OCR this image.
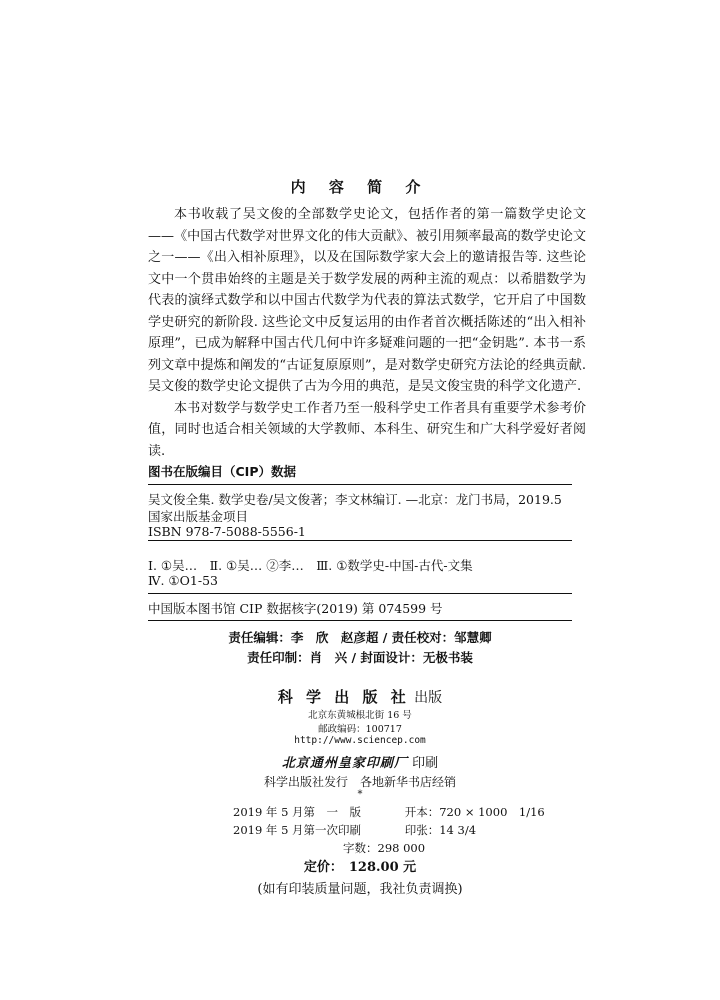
内 容 简 介

本书收载了吴文俊的全部数学史论文，包括作者的第一篇数学史论文——《中国古代数学对世界文化的伟大贡献》、被引用频率最高的数学史论文之一——《出入相补原理》，以及在国际数学家大会上的邀请报告等. 这些论文中一个贯串始终的主题是关于数学发展的两种主流的观点：以希腊数学为代表的演绎式数学和以中国古代数学为代表的算法式数学，它开启了中国数学史研究的新阶段. 这些论文中反复运用的由作者首次概括陈述的“出入相补原理”，已成为解释中国古代几何中许多疑难问题的一把“金钥匙”. 本书一系列文章中提炼和阐发的“古证复原原则”，是对数学史研究方法论的经典贡献. 吴文俊的数学史论文提供了古为今用的典范，是吴文俊宝贵的科学文化遗产.

本书对数学与数学史工作者乃至一般科学史工作者具有重要学术参考价值，同时也适合相关领域的大学教师、本科生、研究生和广大科学爱好者阅读.

图书在版编目（CIP）数据
吴文俊全集. 数学史卷/吴文俊著；李文林编订. —北京：龙门书局，2019.5
国家出版基金项目
ISBN 978-7-5088-5556-1
Ⅰ. ①吴…　Ⅱ. ①吴… ②李…　Ⅲ. ①数学史-中国-古代-文集
Ⅳ. ①O1-53
中国版本图书馆 CIP 数据核字(2019) 第 074599 号
责任编辑：李　欣　赵彦超 / 责任校对：邹慧卿
责任印制：肖　兴 / 封面设计：无极书装
科 学 出 版 社 出版
北京东黄城根北街 16 号
邮政编码：100717
http://www.sciencep.com
北京通州皇家印刷厂 印刷
科学出版社发行　各地新华书店经销
*
2019 年 5 月第　一　版	开本：720 × 1000　1/16
2019 年 5 月第一次印刷	印张：14 3/4
字数：298 000
定价： 128.00 元
(如有印装质量问题，我社负责调换)
